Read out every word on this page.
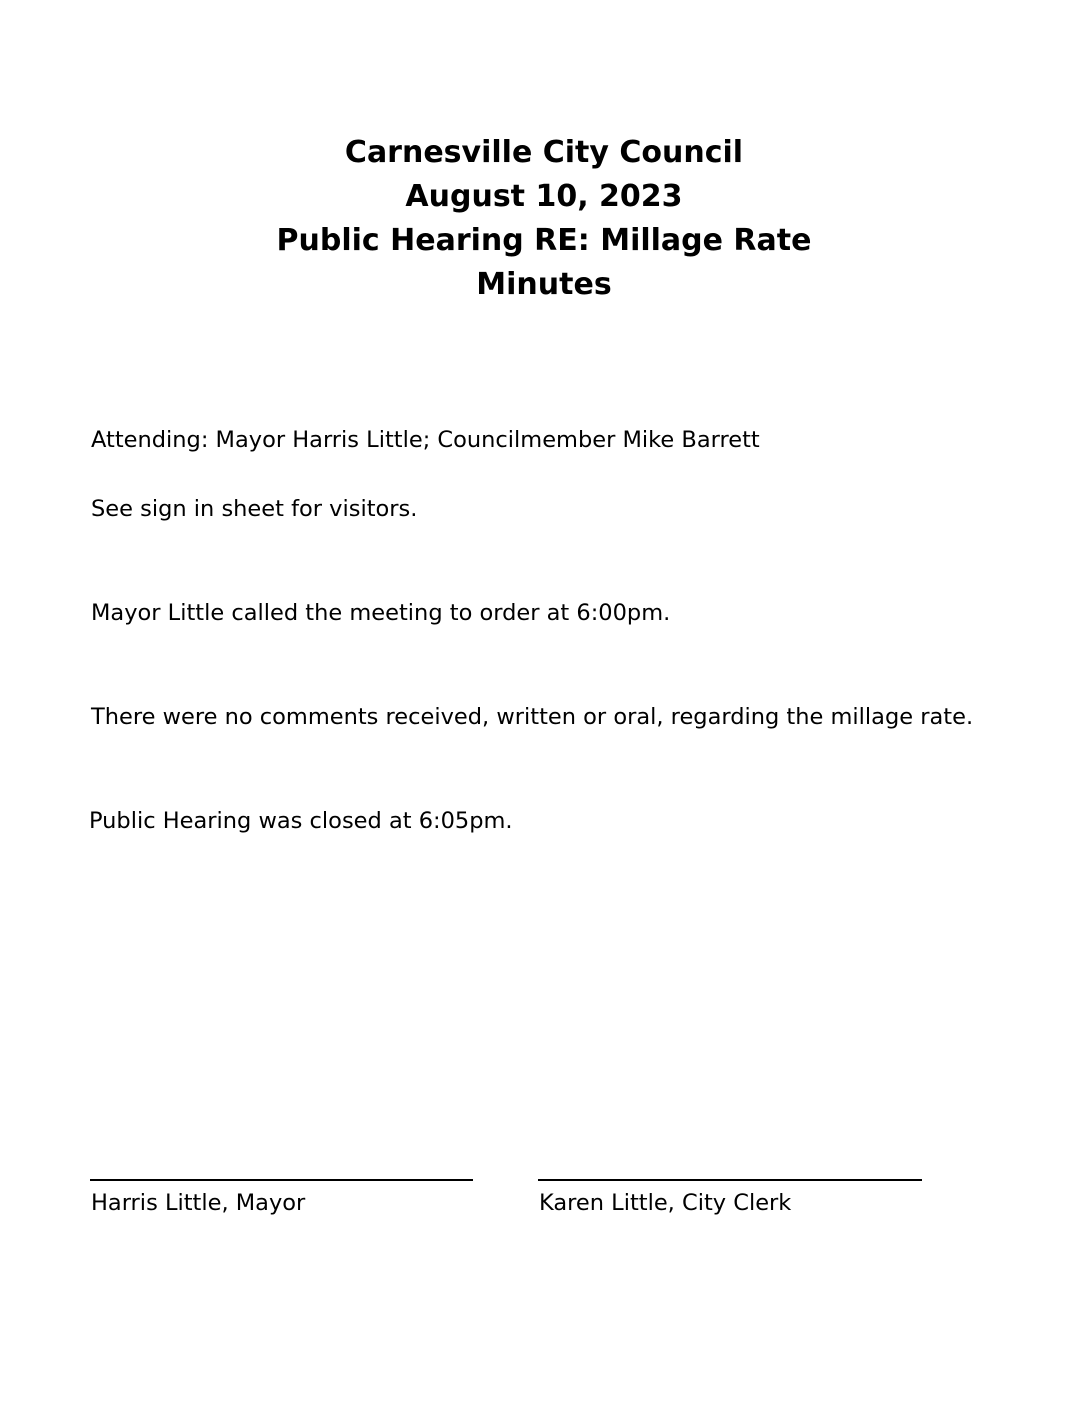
Carnesville City Council
August 10, 2023
Public Hearing RE: Millage Rate
Minutes
Attending: Mayor Harris Little; Councilmember Mike Barrett
See sign in sheet for visitors.
Mayor Little called the meeting to order at 6:00pm.
There were no comments received, written or oral, regarding the millage rate.
Public Hearing was closed at 6:05pm.
Harris Little, Mayor	Karen Little, City Clerk
